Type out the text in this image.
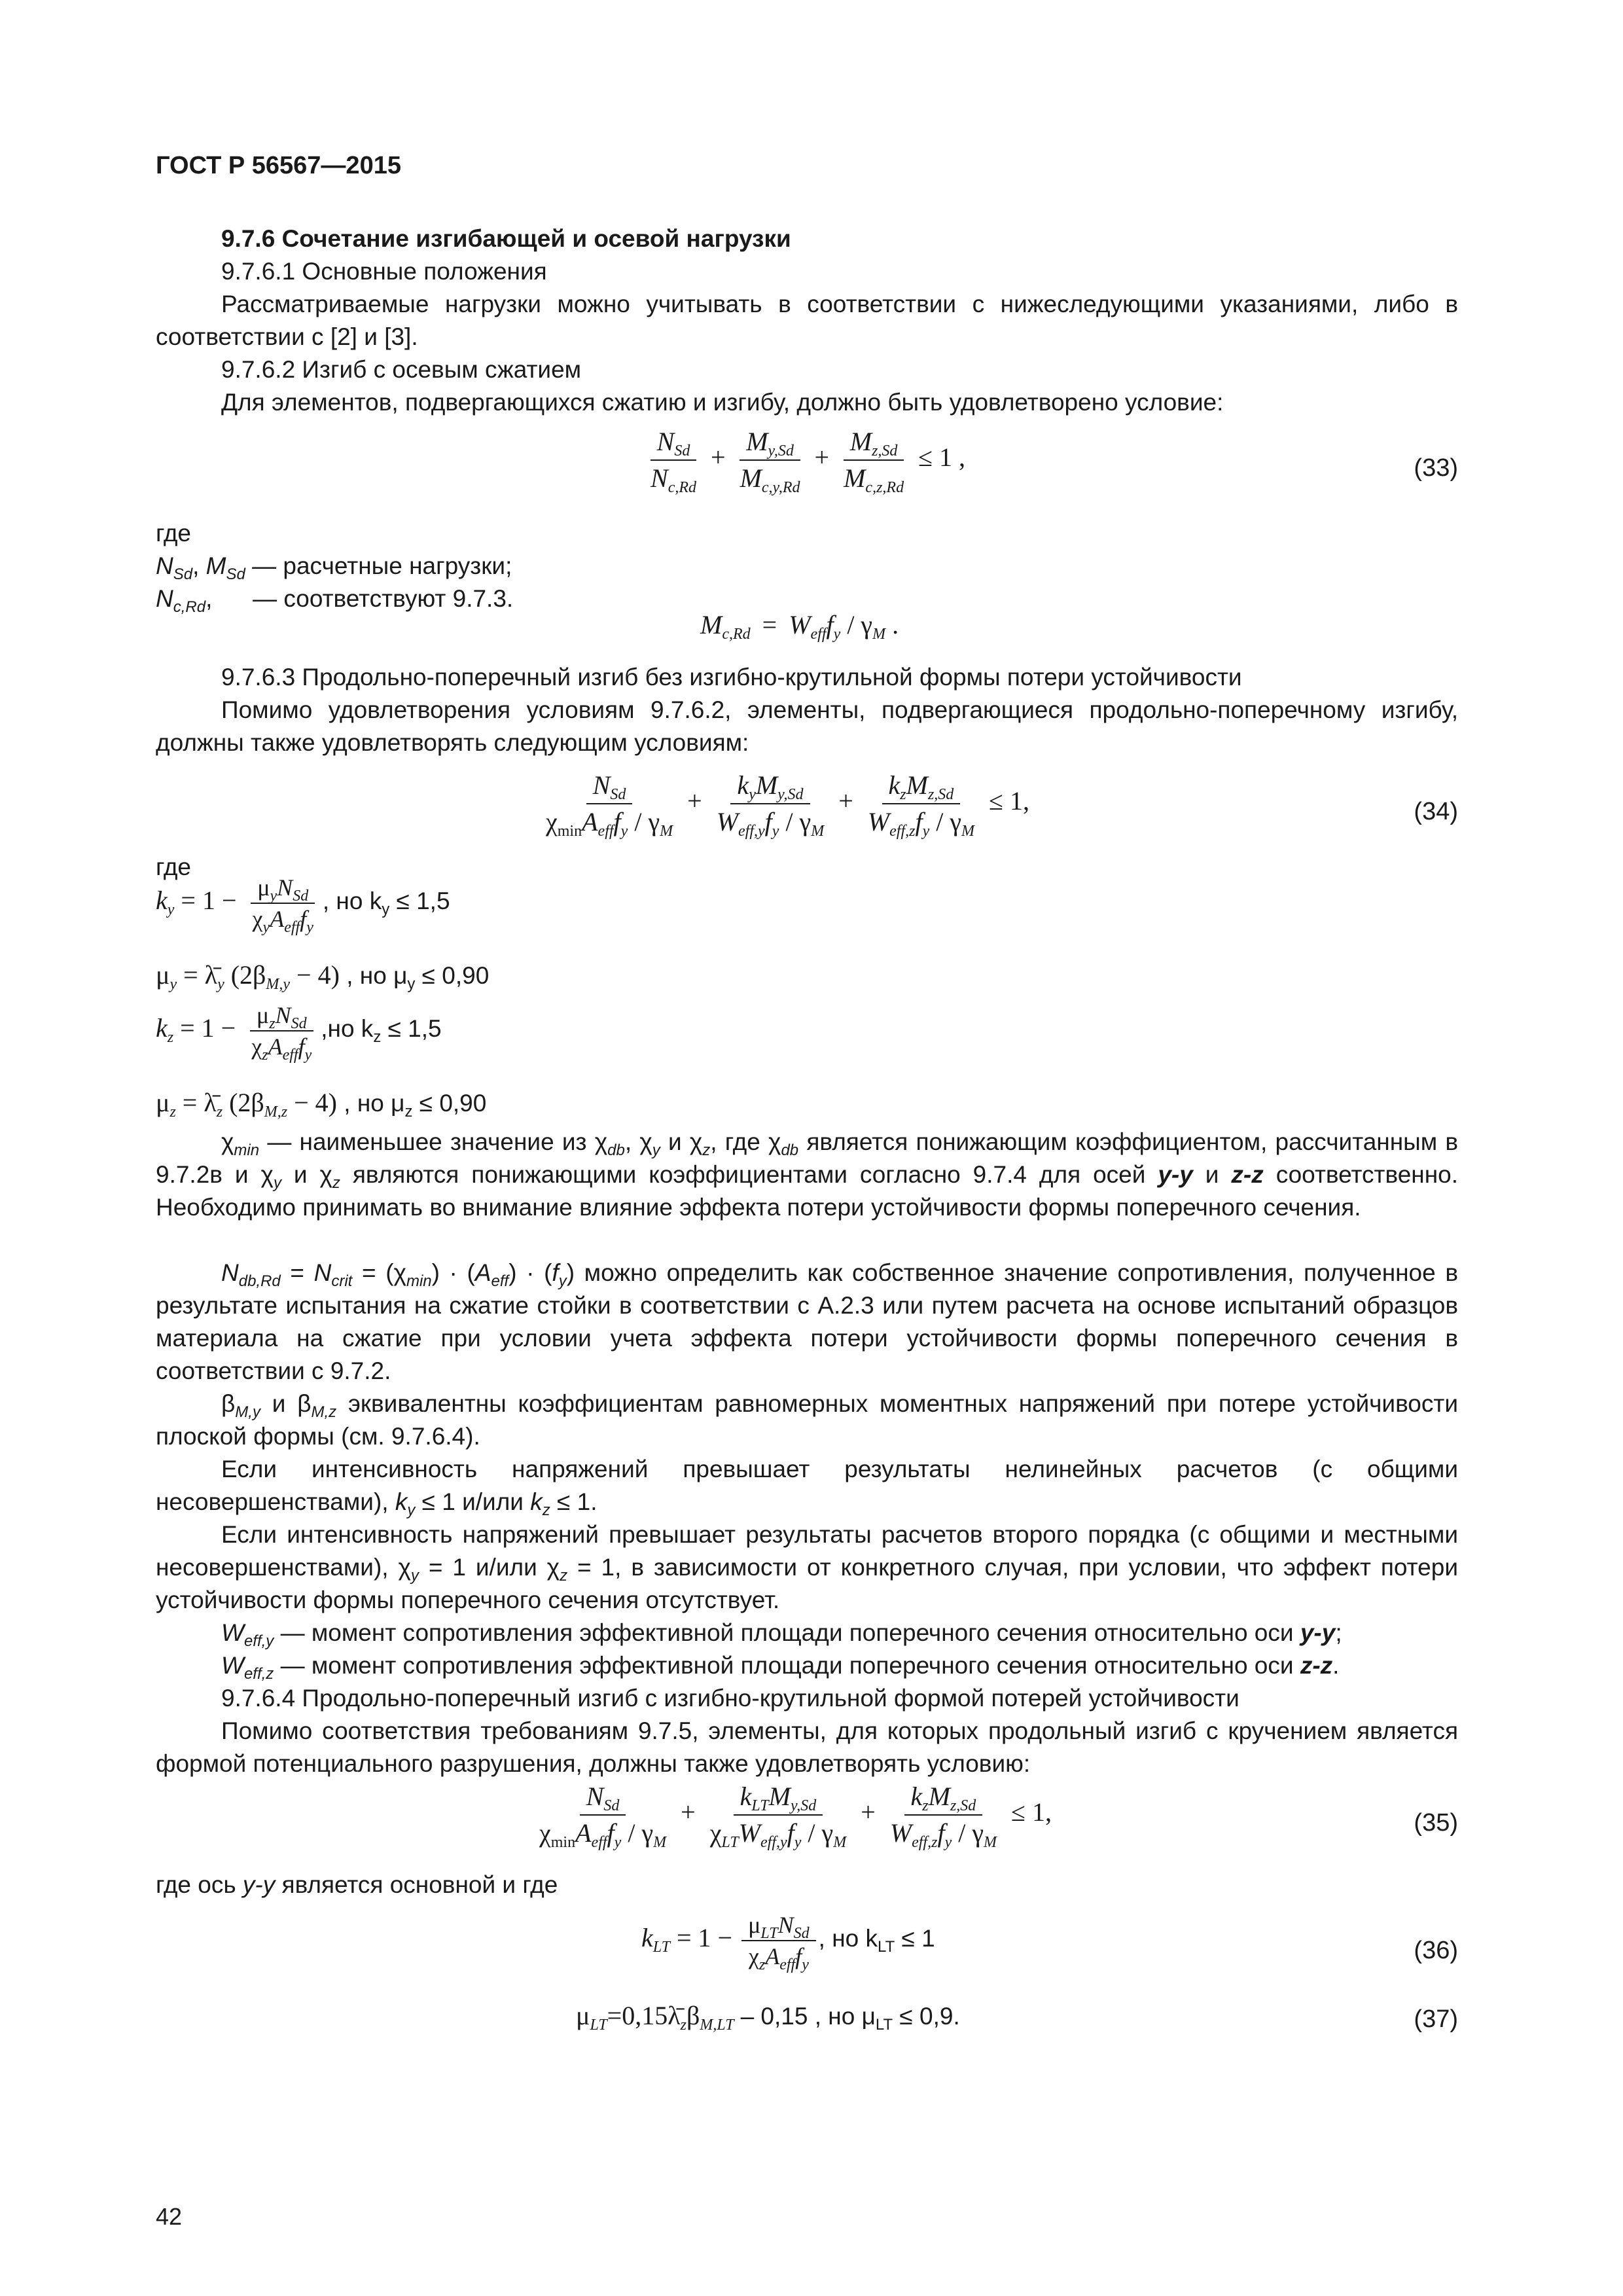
ГОСТ Р 56567—2015
9.7.6 Сочетание изгибающей и осевой нагрузки
9.7.6.1 Основные положения
Рассматриваемые нагрузки можно учитывать в соответствии с нижеследующими указаниями, либо в соответствии с [2] и [3].
9.7.6.2 Изгиб с осевым сжатием
Для элементов, подвергающихся сжатию и изгибу, должно быть удовлетворено условие:
$\frac{N_{Sd}}{N_{c,Rd}} + \frac{M_{y,Sd}}{M_{c,y,Rd}} + \frac{M_{z,Sd}}{M_{c,z,Rd}} \le 1$ ,	(33)
где
$N_{Sd}$, $M_{Sd}$ — расчетные нагрузки;
$N_{c,Rd}$,      — соответствуют 9.7.3.
$M_{c,Rd} = W_{eff}f_y / \gamma_M$ .
9.7.6.3 Продольно-поперечный изгиб без изгибно-крутильной формы потери устойчивости
Помимо удовлетворения условиям 9.7.6.2, элементы, подвергающиеся продольно-поперечному изгибу, должны также удовлетворять следующим условиям:
$\frac{N_{Sd}}{\chi_{min}A_{eff}f_y / \gamma_M} + \frac{k_yM_{y,Sd}}{W_{eff,y}f_y / \gamma_M} + \frac{k_zM_{z,Sd}}{W_{eff,z}f_y / \gamma_M} \le 1$,	(34)
где
$k_y = 1 - \frac{\mu_yN_{Sd}}{\chi_yA_{eff}f_y}$ , но $k_y \le 1,5$
$\mu_y$ = $\lambdā_y$ $(2\beta_{M,y} - 4)$ , но $\mu_y \le 0,90$
$k_z = 1 - \frac{\mu_zN_{Sd}}{\chi_zA_{eff}f_y} ,но$ $k_z \le 1,5$
$\mu_z$ = $\lambdā_z$ $(2\beta_{M,z} - 4)$ , но $\mu_z \le 0,90$
$\chi_{min}$ — наименьшее значение из $\chi_{db}$, $\chi_y$ и $\chi_z$, где $\chi_{db}$ является понижающим коэффициентом, рассчитанным в 9.7.2в и $\chi_y$ и $\chi_z$ являются понижающими коэффициентами согласно 9.7.4 для осей y-y и z-z соответственно. Необходимо принимать во внимание влияние эффекта потери устойчивости формы поперечного сечения.
$N_{db,Rd} = N_{crit} = (\chi_{min}) \cdot (A_{eff}) \cdot (f_y)$ можно определить как собственное значение сопротивления, полученное в результате испытания на сжатие стойки в соответствии с А.2.3 или путем расчета на основе испытаний образцов материала на сжатие при условии учета эффекта потери устойчивости формы поперечного сечения в соответствии с 9.7.2.
$\beta_{M,y}$ и $\beta_{M,z}$ эквивалентны коэффициентам равномерных моментных напряжений при потере устойчивости плоской формы (см. 9.7.6.4).
Если интенсивность напряжений превышает результаты нелинейных расчетов (с общими несовершенствами), $k_y \le 1$ и/или $k_z \le 1$.
Если интенсивность напряжений превышает результаты расчетов второго порядка (с общими и местными несовершенствами), $\chi_y = 1$ и/или $\chi_z = 1$, в зависимости от конкретного случая, при условии, что эффект потери устойчивости формы поперечного сечения отсутствует.
$W_{eff,y}$ — момент сопротивления эффективной площади поперечного сечения относительно оси y-y;
$W_{eff,z}$ — момент сопротивления эффективной площади поперечного сечения относительно оси z-z.
9.7.6.4 Продольно-поперечный изгиб с изгибно-крутильной формой потерей устойчивости
Помимо соответствия требованиям 9.7.5, элементы, для которых продольный изгиб с кручением является формой потенциального разрушения, должны также удовлетворять условию:
$\frac{N_{Sd}}{\chi_{min}A_{eff}f_y / \gamma_M} + \frac{k_{LT}M_{y,Sd}}{\chi_{LT}W_{eff,y}f_y / \gamma_M} + \frac{k_zM_{z,Sd}}{W_{eff,z}f_y / \gamma_M} \le 1$,	(35)
где ось y-y является основной и где
$k_{LT} = 1 - \frac{\mu_{LT}N_{Sd}}{\chi_zA_{eff}f_y}$ , но $k_{LT} \le 1$	(36)
$\mu_{LT}=0,15\lambdā_z\beta_{M,LT} - 0,15$ , но $\mu_{LT} \le 0,9$.	(37)
42
